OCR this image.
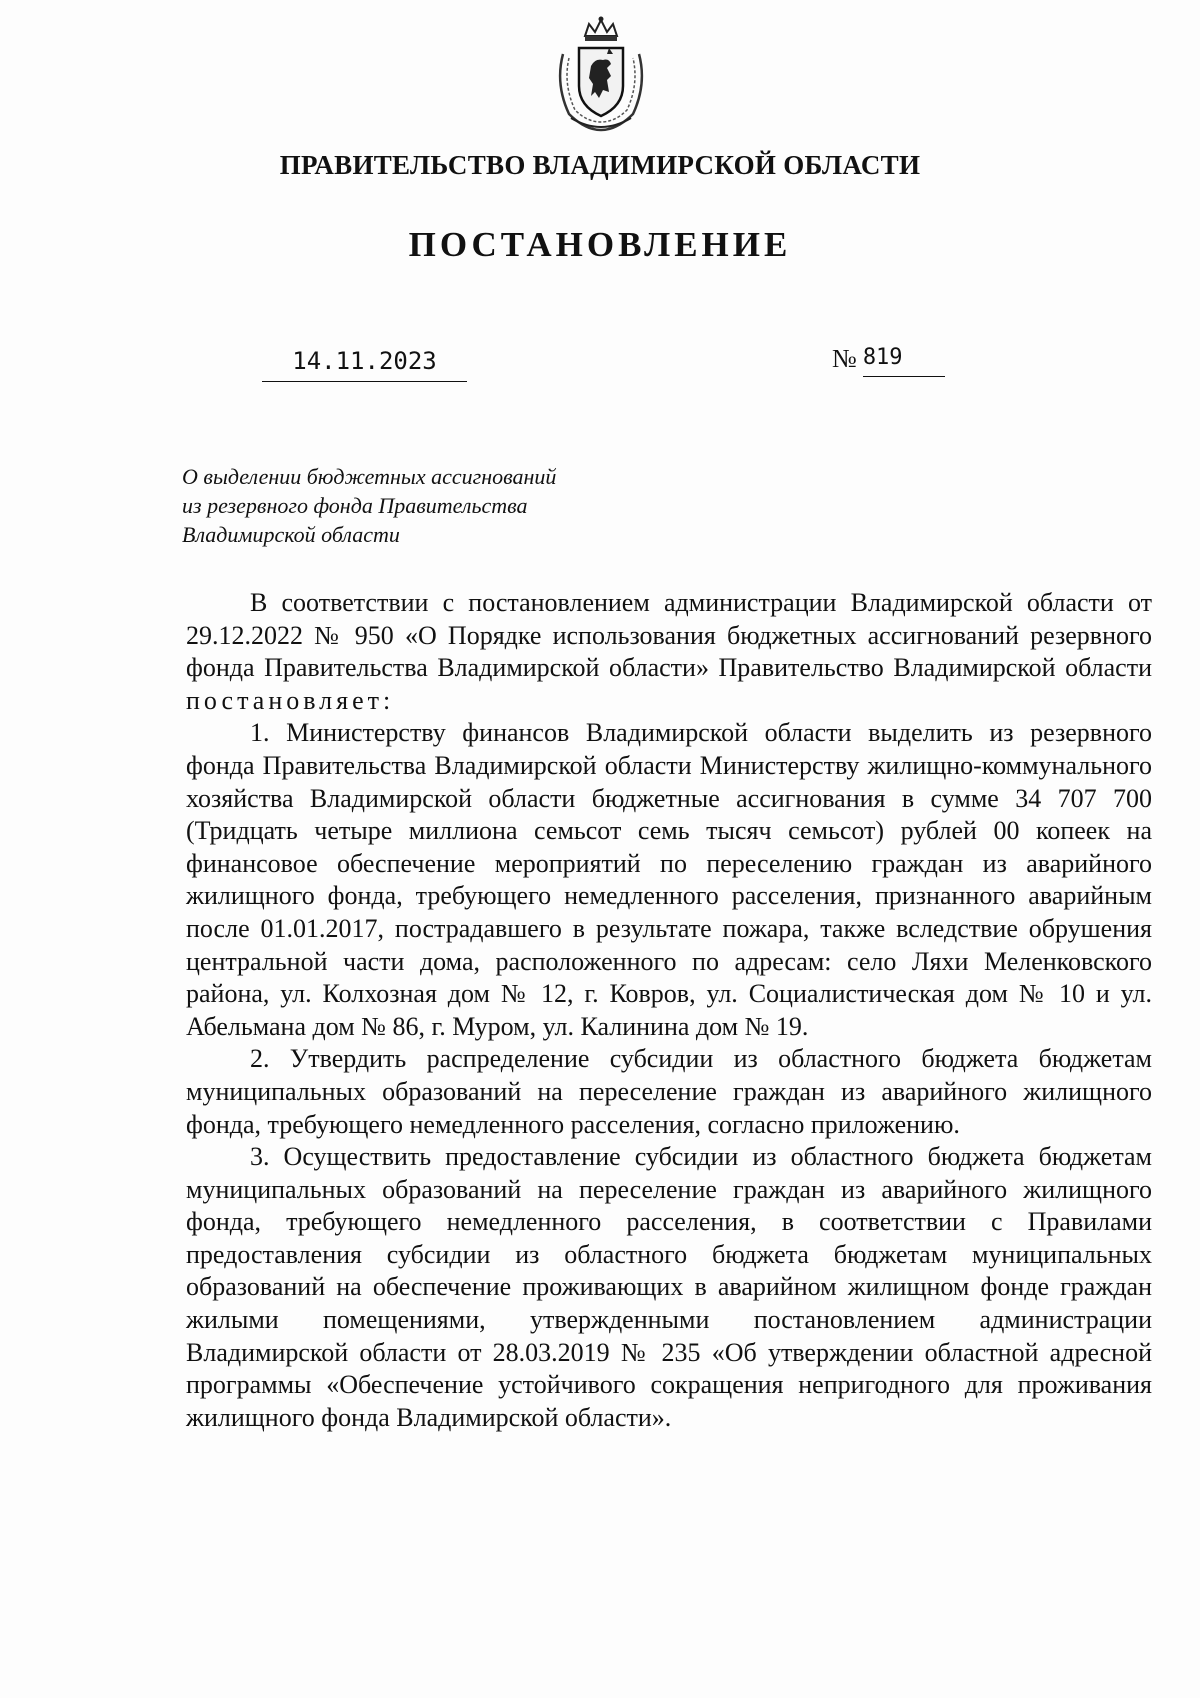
ПРАВИТЕЛЬСТВО ВЛАДИМИРСКОЙ ОБЛАСТИ
ПОСТАНОВЛЕНИЕ
14.11.2023	№ 819
О выделении бюджетных ассигнований
из резервного фонда Правительства
Владимирской области

В соответствии с постановлением администрации Владимирской области от 29.12.2022 № 950 «О Порядке использования бюджетных ассигнований резервного фонда Правительства Владимирской области» Правительство Владимирской области постановляет:

1. Министерству финансов Владимирской области выделить из резервного фонда Правительства Владимирской области Министерству жилищно-коммунального хозяйства Владимирской области бюджетные ассигнования в сумме 34 707 700 (Тридцать четыре миллиона семьсот семь тысяч семьсот) рублей 00 копеек на финансовое обеспечение мероприятий по переселению граждан из аварийного жилищного фонда, требующего немедленного расселения, признанного аварийным после 01.01.2017, пострадавшего в результате пожара, также вследствие обрушения центральной части дома, расположенного по адресам: село Ляхи Меленковского района, ул. Колхозная дом № 12, г. Ковров, ул. Социалистическая дом № 10 и ул. Абельмана дом № 86, г. Муром, ул. Калинина дом № 19.

2. Утвердить распределение субсидии из областного бюджета бюджетам муниципальных образований на переселение граждан из аварийного жилищного фонда, требующего немедленного расселения, согласно приложению.

3. Осуществить предоставление субсидии из областного бюджета бюджетам муниципальных образований на переселение граждан из аварийного жилищного фонда, требующего немедленного расселения, в соответствии с Правилами предоставления субсидии из областного бюджета бюджетам муниципальных образований на обеспечение проживающих в аварийном жилищном фонде граждан жилыми помещениями, утвержденными постановлением администрации Владимирской области от 28.03.2019 № 235 «Об утверждении областной адресной программы «Обеспечение устойчивого сокращения непригодного для проживания жилищного фонда Владимирской области».
